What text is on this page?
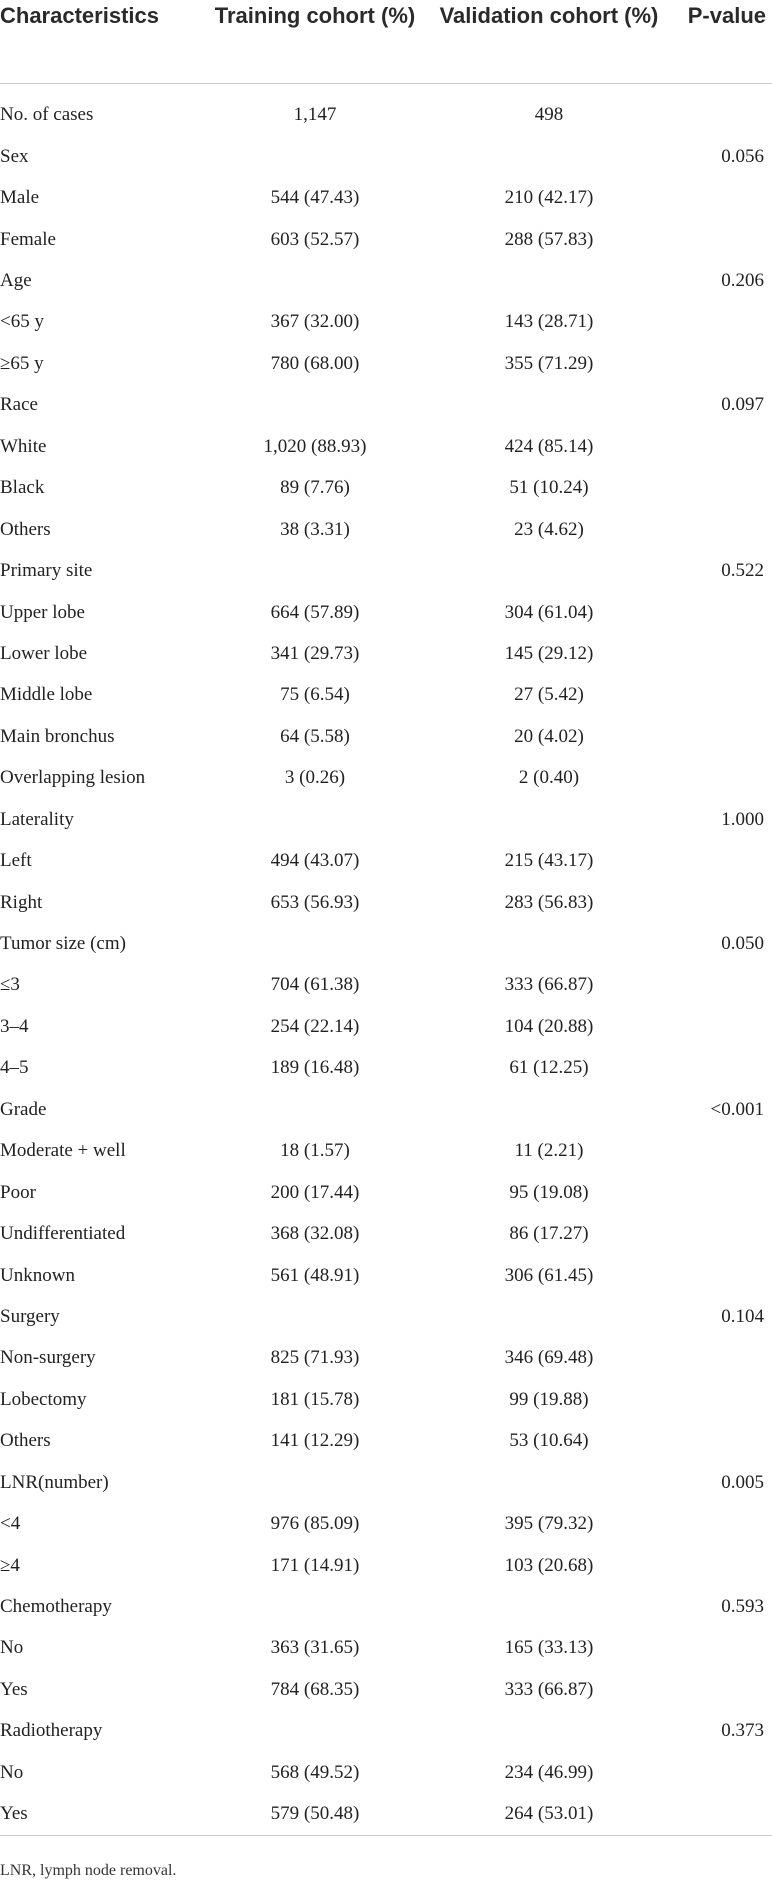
Characteristics	Training cohort (%)	Validation cohort (%)	P-value
No. of cases	1,147	498	
Sex			0.056
Male	544 (47.43)	210 (42.17)	
Female	603 (52.57)	288 (57.83)	
Age			0.206
<65 y	367 (32.00)	143 (28.71)	
≥65 y	780 (68.00)	355 (71.29)	
Race			0.097
White	1,020 (88.93)	424 (85.14)	
Black	89 (7.76)	51 (10.24)	
Others	38 (3.31)	23 (4.62)	
Primary site			0.522
Upper lobe	664 (57.89)	304 (61.04)	
Lower lobe	341 (29.73)	145 (29.12)	
Middle lobe	75 (6.54)	27 (5.42)	
Main bronchus	64 (5.58)	20 (4.02)	
Overlapping lesion	3 (0.26)	2 (0.40)	
Laterality			1.000
Left	494 (43.07)	215 (43.17)	
Right	653 (56.93)	283 (56.83)	
Tumor size (cm)			0.050
≤3	704 (61.38)	333 (66.87)	
3–4	254 (22.14)	104 (20.88)	
4–5	189 (16.48)	61 (12.25)	
Grade			<0.001
Moderate + well	18 (1.57)	11 (2.21)	
Poor	200 (17.44)	95 (19.08)	
Undifferentiated	368 (32.08)	86 (17.27)	
Unknown	561 (48.91)	306 (61.45)	
Surgery			0.104
Non-surgery	825 (71.93)	346 (69.48)	
Lobectomy	181 (15.78)	99 (19.88)	
Others	141 (12.29)	53 (10.64)	
LNR(number)			0.005
<4	976 (85.09)	395 (79.32)	
≥4	171 (14.91)	103 (20.68)	
Chemotherapy			0.593
No	363 (31.65)	165 (33.13)	
Yes	784 (68.35)	333 (66.87)	
Radiotherapy			0.373
No	568 (49.52)	234 (46.99)	
Yes	579 (50.48)	264 (53.01)	
LNR, lymph node removal.
